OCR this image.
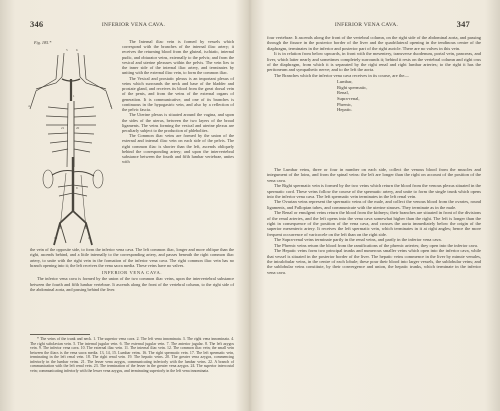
346	INFERIOR VENA CAVA.
Fig. 185.*
5	6
4	2
1
20
21
9
10	11

The Internal iliac vein is formed by vessels which correspond with the branches of the internal iliac artery; it receives the returning blood from the gluteal, ischiatic, internal pudic, and obturator veins, externally to the pelvis; and from the vesical and uterine plexuses within the pelvis. The vein lies to the inner side of the internal iliac artery, and terminates by uniting with the external iliac vein, to form the common iliac.

The Vesical and prostatic plexus is an important plexus of veins which surrounds the neck and base of the bladder and prostate gland, and receives its blood from the great dorsal vein of the penis, and from the veins of the external organs of generation. It is communicative, and one of its branches is continuous in the hypogastric vein, and also by a reflection of the pelvic fascia.

The Uterine plexus is situated around the vagina, and upon the sides of the uterus, between the two layers of the broad ligaments. The veins forming the vesical and uterine plexus are peculiarly subject to the production of phlebolites.

The Common iliac veins are formed by the union of the external and internal iliac vein on each side of the pelvis. The right common iliac is shorter than the left, ascends obliquely behind the corresponding artery; and upon the intervertebral substance between the fourth and fifth lumbar vertebrae, unites with

the vein of the opposite side, to form the inferior vena cava. The left common iliac, longer and more oblique than the right, ascends behind, and a little internally to the corresponding artery, and passes beneath the right common iliac artery, to unite with the right vein in the formation of the inferior vena cava. The right common iliac vein has no branch opening into it; the left receives the vena sacra media. These veins have no valves.

INFERIOR VENA CAVA.

The inferior vena cava is formed by the union of the two common iliac veins, upon the intervertebral substance between the fourth and fifth lumbar vertebrae. It ascends along the front of the vertebral column, to the right side of the abdominal aorta, and passing behind the liver.

* The veins of the trunk and neck. 1. The superior vena cava. 2. The left vena innominata. 3. The right vena innominata. 4. The right subclavian vein. 5. The internal jugular vein. 6. The external jugular vein. 7. The anterior jugular. 8. The left azygos vein. 9. The inferior vena cava. 10. The external iliac vein. 11. The internal iliac vein. 12. The common iliac vein; the small vein between the iliacs is the vena sacra media. 13, 14, 15. Lumbar veins. 16. The right spermatic vein. 17. The left spermatic vein, terminating in the left renal vein. 18. The right renal vein. 19. The hepatic veins. 20. The greater vena azygos, commencing inferiorly in the lumbar veins. 21. The lesser vena azygos, communicating inferiorly with the lumbar veins. 22. A branch of communication with the left renal vein. 23. The termination of the lesser in the greater vena azygos. 24. The superior intercostal vein; communicating inferiorly with the lesser vena azygos, and terminating superiorly in the left vena innominata.

INFERIOR VENA CAVA.	347

four vertebrae. It ascends along the front of the vertebral column, on the right side of the abdominal aorta, and passing through the fissure in the posterior border of the liver and the quadrilateral opening in the tendinous centre of the diaphragm, terminates in the inferior and posterior part of the right auricle. There are no valves in this vein.

It is in relation from below upwards, in front with the mesentery, transverse duodenum, portal vein, pancreas, and liver, which latter nearly and sometimes completely surrounds it; behind it rests on the vertebral column and right crus of the diaphragm, from which it is separated by the right renal and right lumbar arteries; to the right it has the peritoneum and sympathetic nerve; and to the left the aorta.

The Branches which the inferior vena cava receives in its course, are the—

Lumbar,
Right spermatic,
Renal,
Supra-renal,
Phrenic,
Hepatic.

The Lumbar veins, three or four in number on each side, collect the venous blood from the muscles and integument of the loins, and from the spinal veins: the left are longer than the right on account of the position of the vena cava.

The Right spermatic vein is formed by the two veins which return the blood from the venous plexus situated in the spermatic cord. These veins follow the course of the spermatic artery, and unite to form the single trunk which opens into the inferior vena cava. The left spermatic vein terminates in the left renal vein.

The Ovarian veins represent the spermatic veins of the male, and collect the venous blood from the ovaries, round ligaments, and Fallopian tubes, and communicate with the uterine sinuses. They terminate as in the male.

The Renal or emulgent veins return the blood from the kidneys; their branches are situated in front of the divisions of the renal arteries, and the left opens into the vena cava somewhat higher than the right. The left is longer than the right in consequence of the position of the vena cava, and crosses the aorta immediately below the origin of the superior mesenteric artery. It receives the left spermatic vein, which terminates in it at right angles; hence the more frequent occurrence of varicocele on the left than on the right side.

The Supra-renal veins terminate partly in the renal veins, and partly in the inferior vena cava.

The Phrenic veins return the blood from the ramifications of the phrenic arteries; they open into the inferior cava.

The Hepatic veins form two principal trunks and numerous smaller veins which open into the inferior cava, while that vessel is situated in the posterior border of the liver. The hepatic veins commence in the liver by minute venules, the intralobular veins, in the centre of each lobule; these pour their blood into larger vessels, the sublobular veins; and the sublobular veins constitute, by their convergence and union, the hepatic trunks, which terminate in the inferior vena cava.
